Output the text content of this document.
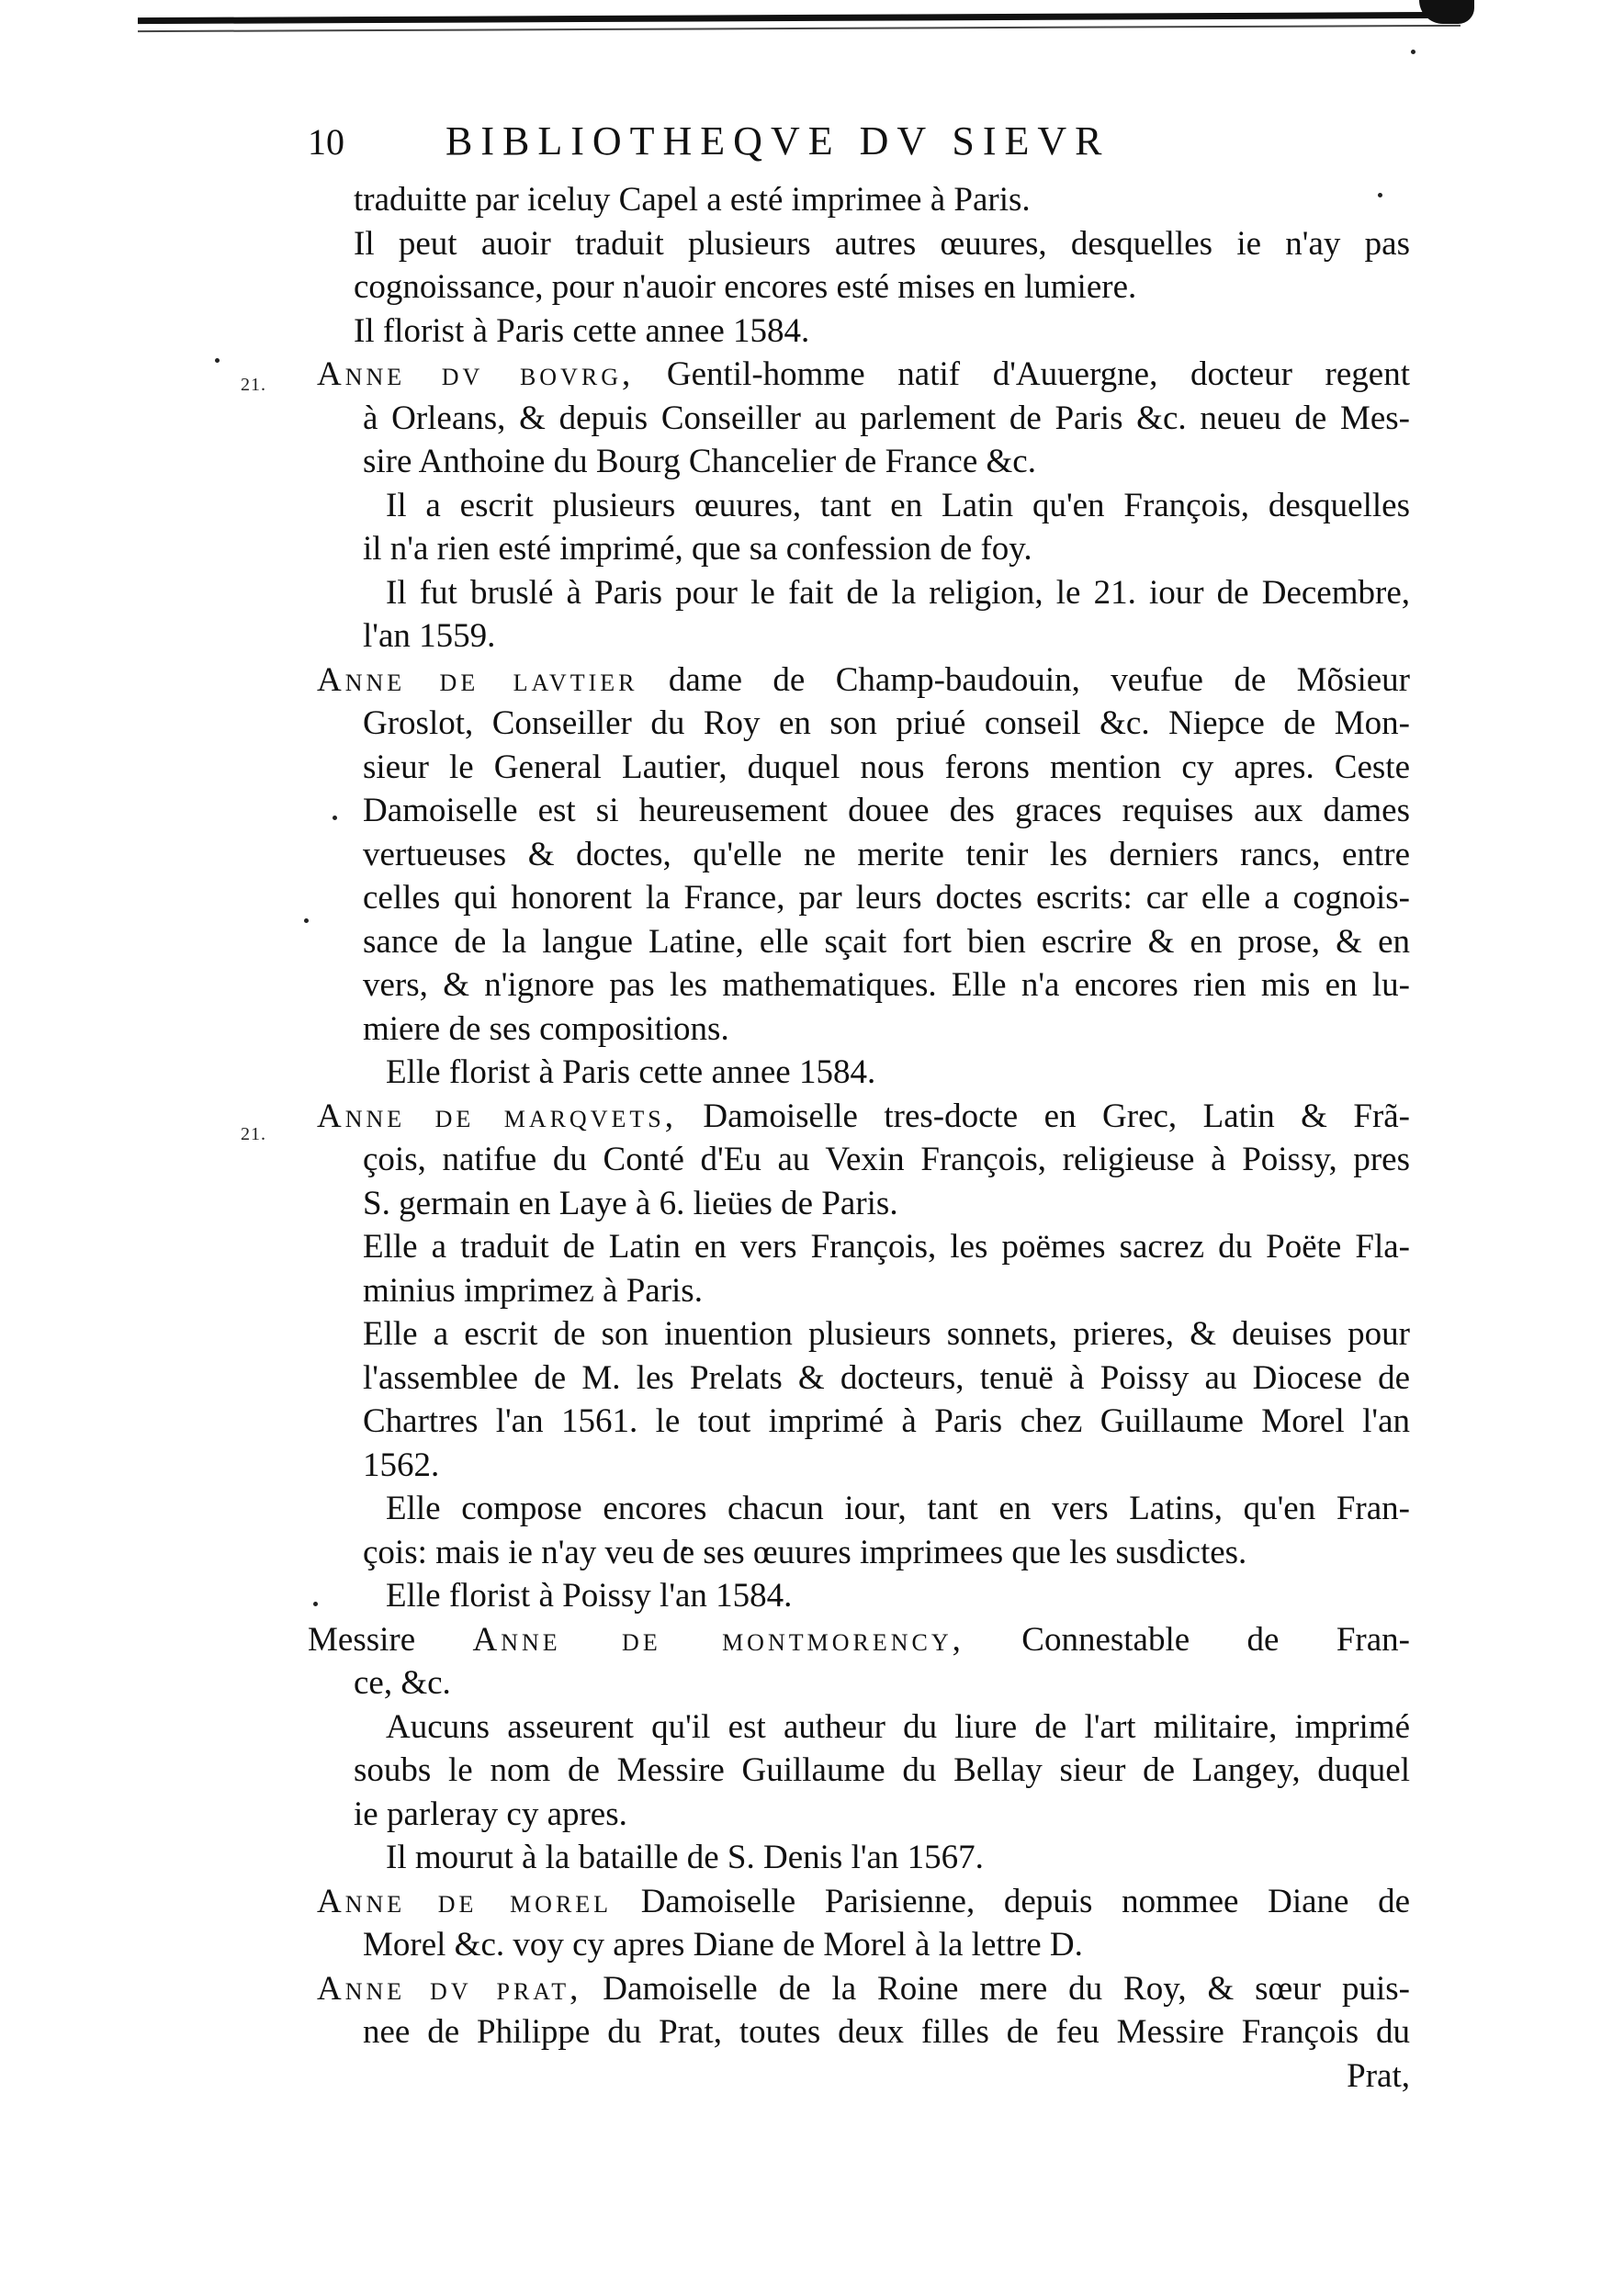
21.
21.
10	BIBLIOTHEQVE DV SIEVR
traduitte par iceluy Capel a esté imprimee à Paris.
Il peut auoir traduit plusieurs autres œuures, desquelles ie n'ay pas
cognoissance, pour n'auoir encores esté mises en lumiere.
Il florist à Paris cette annee 1584.
Anne dv bovrg, Gentil-homme natif d'Auuergne, docteur regent
à Orleans, & depuis Conseiller au parlement de Paris &c. neueu de Mes-
sire Anthoine du Bourg Chancelier de France &c.
Il a escrit plusieurs œuures, tant en Latin qu'en François, desquelles
il n'a rien esté imprimé, que sa confession de foy.
Il fut bruslé à Paris pour le fait de la religion, le 21. iour de Decembre,
l'an 1559.
Anne de lavtier dame de Champ-baudouin, veufue de Mõsieur
Groslot, Conseiller du Roy en son priué conseil &c. Niepce de Mon-
sieur le General Lautier, duquel nous ferons mention cy apres. Ceste
Damoiselle est si heureusement douee des graces requises aux dames
vertueuses & doctes, qu'elle ne merite tenir les derniers rancs, entre
celles qui honorent la France, par leurs doctes escrits: car elle a cognois-
sance de la langue Latine, elle sçait fort bien escrire & en prose, & en
vers, & n'ignore pas les mathematiques. Elle n'a encores rien mis en lu-
miere de ses compositions.
Elle florist à Paris cette annee 1584.
Anne de marqvets, Damoiselle tres-docte en Grec, Latin & Frã-
çois, natifue du Conté d'Eu au Vexin François, religieuse à Poissy, pres
S. germain en Laye à 6. lieües de Paris.
Elle a traduit de Latin en vers François, les poëmes sacrez du Poëte Fla-
minius imprimez à Paris.
Elle a escrit de son inuention plusieurs sonnets, prieres, & deuises pour
l'assemblee de M. les Prelats & docteurs, tenuë à Poissy au Diocese de
Chartres l'an 1561. le tout imprimé à Paris chez Guillaume Morel l'an
1562.
Elle compose encores chacun iour, tant en vers Latins, qu'en Fran-
çois: mais ie n'ay veu de ses œuures imprimees que les susdictes.
Elle florist à Poissy l'an 1584.
Messire Anne de montmorency, Connestable de Fran-
ce, &c.
Aucuns asseurent qu'il est autheur du liure de l'art militaire, imprimé
soubs le nom de Messire Guillaume du Bellay sieur de Langey, duquel
ie parleray cy apres.
Il mourut à la bataille de S. Denis l'an 1567.
Anne de morel Damoiselle Parisienne, depuis nommee Diane de
Morel &c. voy cy apres Diane de Morel à la lettre D.
Anne dv prat, Damoiselle de la Roine mere du Roy, & sœur puis-
nee de Philippe du Prat, toutes deux filles de feu Messire François du
Prat,
